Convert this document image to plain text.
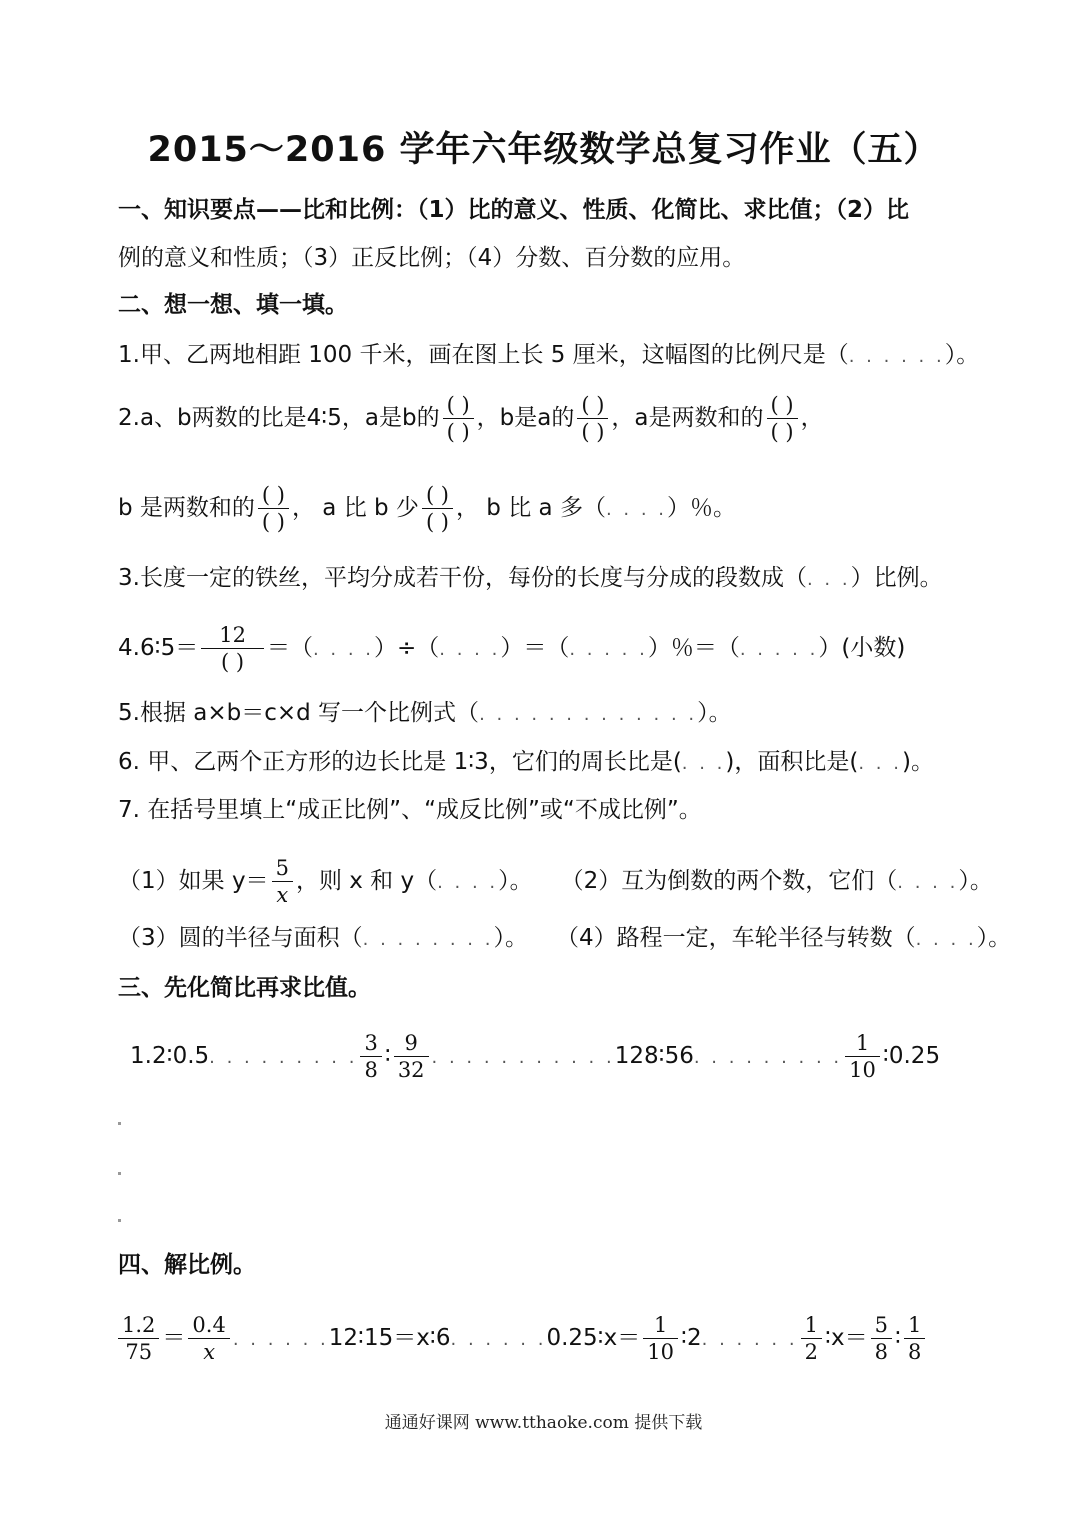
2015～2016 学年六年级数学总复习作业（五）
一、知识要点——比和比例：（1）比的意义、性质、化简比、求比值；（2）比
例的意义和性质；（3）正反比例；（4）分数、百分数的应用。
二、想一想、填一填。
1.甲、乙两地相距 100 千米，画在图上长 5 厘米，这幅图的比例尺是（. . . . . .）。
2.a、b两数的比是4∶5，a是b的 $\frac{( )}{( )}$ ，b是a的 $\frac{( )}{( )}$ ，a是两数和的 $\frac{( )}{( )}$ ，
b 是两数和的 $\frac{( )}{( )}$ ， a 比 b 少 $\frac{( )}{( )}$ ， b 比 a 多（. . . .）％。
3.长度一定的铁丝，平均分成若干份，每份的长度与分成的段数成（. . .）比例。
4.6∶5＝ $\frac{12}{( )}$ ＝（. . . .）÷（. . . .）＝（. . . . .）％＝（. . . . .）(小数)
5.根据 a×b＝c×d 写一个比例式（. . . . . . . . . . . . .）。
6. 甲、乙两个正方形的边长比是 1∶3，它们的周长比是(. . .)，面积比是(. . .)。
7. 在括号里填上“成正比例”、“成反比例”或“不成比例”。
（1）如果 $y= \frac{5}{x}$ ，则 x 和 y（. . . .）。 （2）互为倒数的两个数，它们（. . . .）。
（3）圆的半径与面积（. . . . . . . .）。 （4）路程一定，车轮半径与转数（. . . .）。
三、先化简比再求比值。
1.2∶0.5. . . . . . . . . $\frac{3}{8}$ ∶ $\frac{9}{32}$ . . . . . . . . . . .128∶56. . . . . . . . . $\frac{1}{10}$ ∶0.25
四、解比例。
$\frac{1.2}{75} = \frac{0.4}{x}$ . . . . . .12∶15＝x∶6. . . . . .0.25∶x＝ $\frac{1}{10}$ ∶2. . . . . . $\frac{1}{2}$ ∶x＝ $\frac{5}{8}$ ∶ $\frac{1}{8}$
通通好课网 www.tthaoke.com 提供下载
